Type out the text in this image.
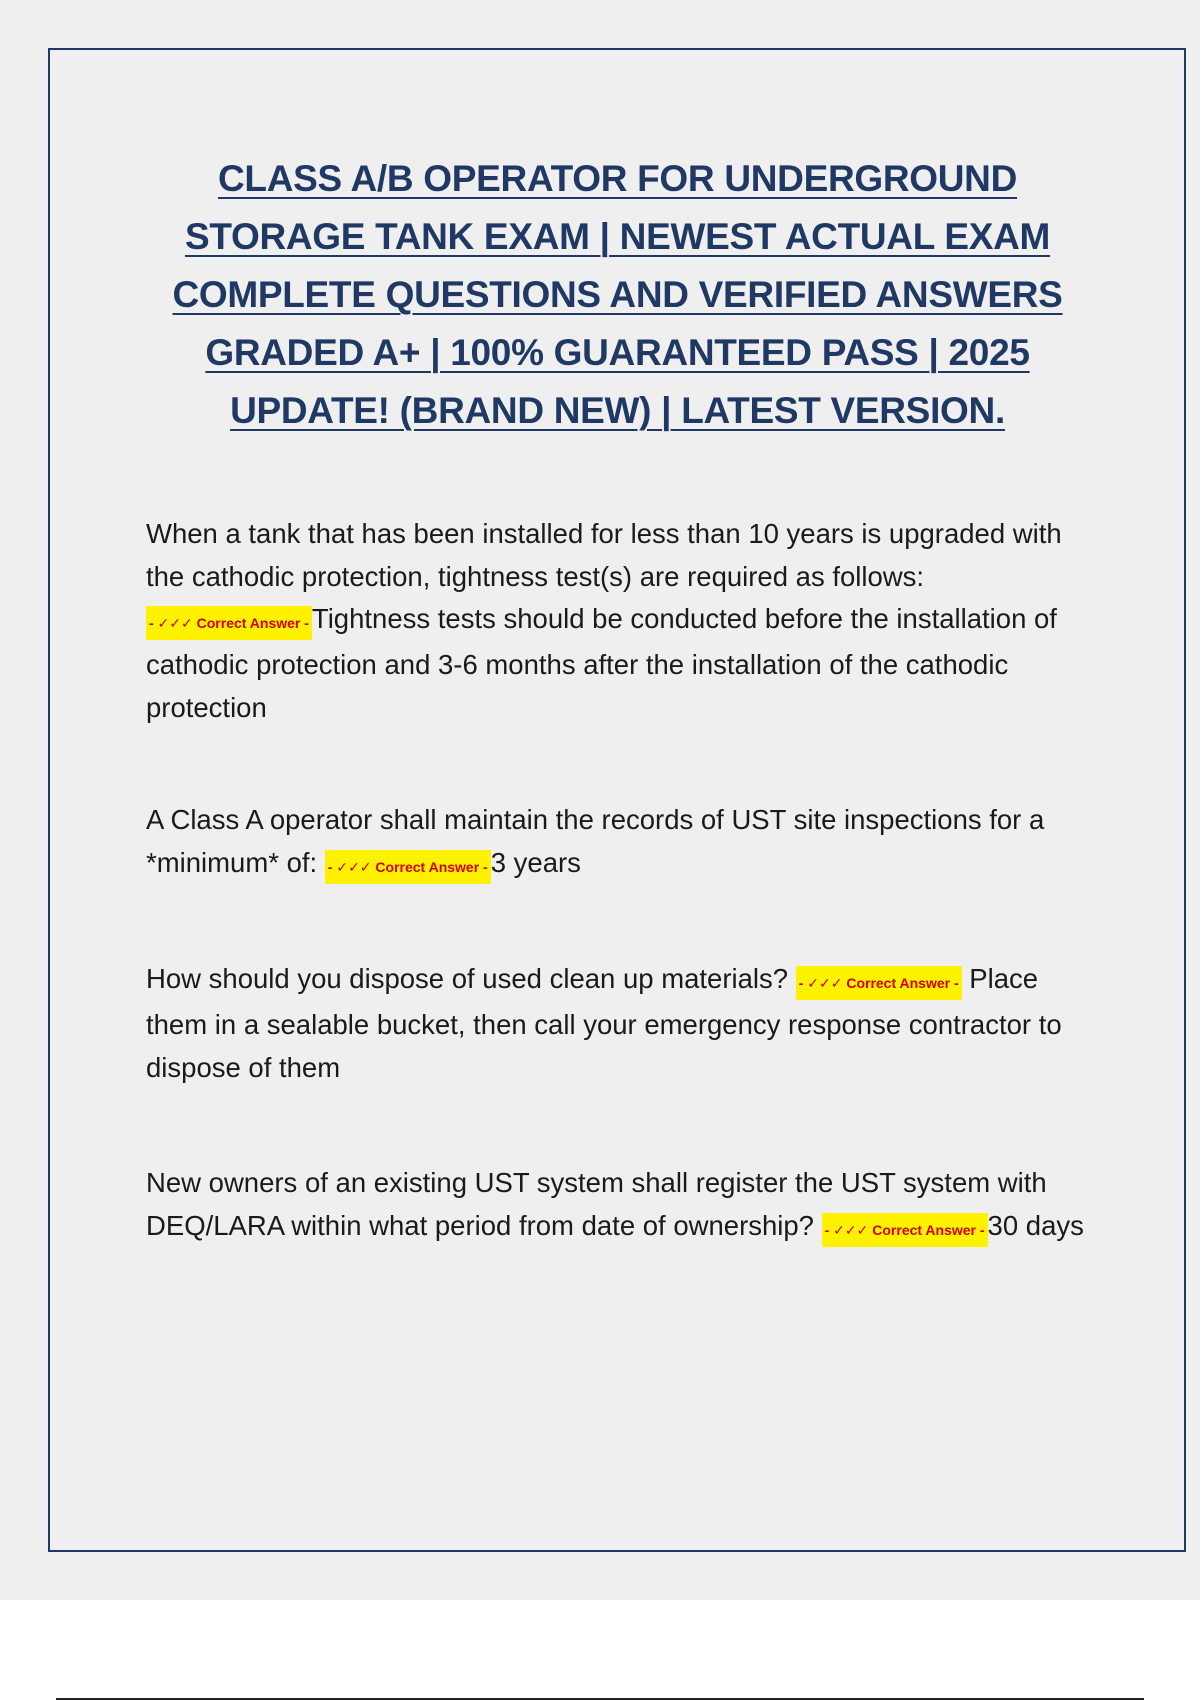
CLASS A/B OPERATOR FOR UNDERGROUND STORAGE TANK EXAM | NEWEST ACTUAL EXAM COMPLETE QUESTIONS AND VERIFIED ANSWERS GRADED A+ | 100% GUARANTEED PASS | 2025 UPDATE! (BRAND NEW) | LATEST VERSION.

When a tank that has been installed for less than 10 years is upgraded with the cathodic protection, tightness test(s) are required as follows: - ✓✓✓ Correct Answer - Tightness tests should be conducted before the installation of cathodic protection and 3-6 months after the installation of the cathodic protection

A Class A operator shall maintain the records of UST site inspections for a *minimum* of: - ✓✓✓ Correct Answer - 3 years

How should you dispose of used clean up materials? - ✓✓✓ Correct Answer - Place them in a sealable bucket, then call your emergency response contractor to dispose of them

New owners of an existing UST system shall register the UST system with DEQ/LARA within what period from date of ownership? - ✓✓✓ Correct Answer - 30 days
